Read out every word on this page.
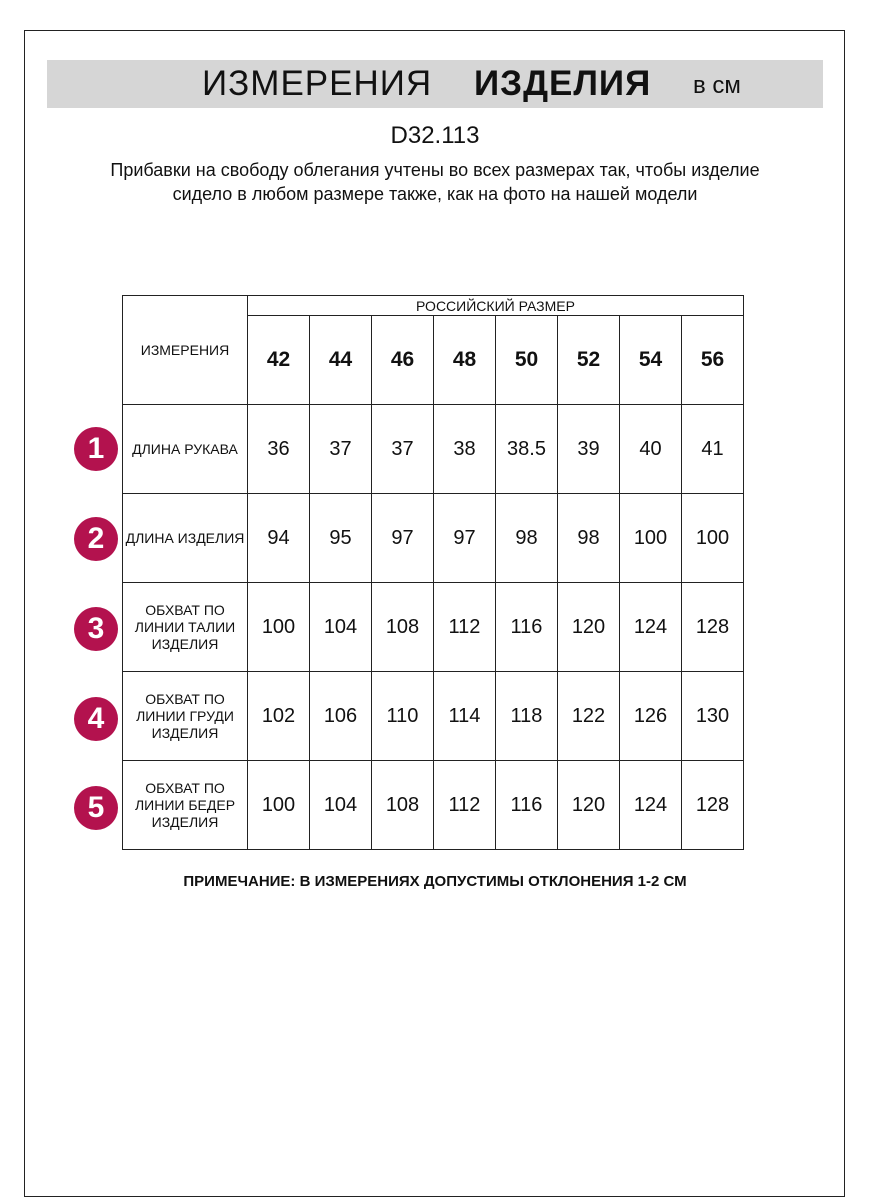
ИЗМЕРЕНИЯ ИЗДЕЛИЯ в см
D32.113
Прибавки на свободу облегания учтены во всех размерах так, чтобы изделие сидело в любом размере также, как на фото на нашей модели
ИЗМЕРЕНИЯ	РОССИЙСКИЙ РАЗМЕР							
	42	44	46	48	50	52	54	56
ДЛИНА РУКАВА	36	37	37	38	38.5	39	40	41
ДЛИНА ИЗДЕЛИЯ	94	95	97	97	98	98	100	100
ОБХВАТ ПО ЛИНИИ ТАЛИИ ИЗДЕЛИЯ	100	104	108	112	116	120	124	128
ОБХВАТ ПО ЛИНИИ ГРУДИ ИЗДЕЛИЯ	102	106	110	114	118	122	126	130
ОБХВАТ ПО ЛИНИИ БЕДЕР ИЗДЕЛИЯ	100	104	108	112	116	120	124	128
1
2
3
4
5
ПРИМЕЧАНИЕ: В ИЗМЕРЕНИЯХ ДОПУСТИМЫ ОТКЛОНЕНИЯ 1-2 СМ
